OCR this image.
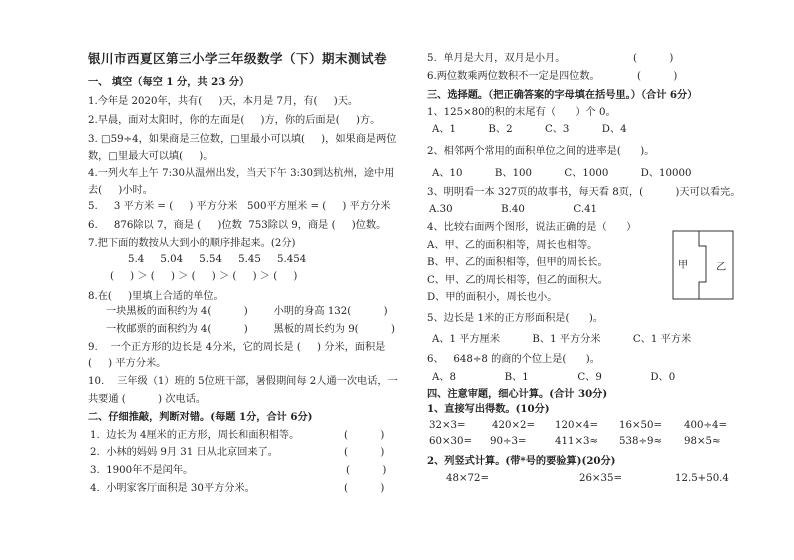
银川市西夏区第三小学三年级数学（下）期末测试卷
一、 填空（每空 1 分，共 23 分）
1.今年是 2020年，共有(     )天，本月是 7月，有(     )天。
2.早晨，面对太阳时，你的左面是(     )方，你的后面是(     )方。
3. □59÷4，如果商是三位数，□里最小可以填(     )，如果商是两位
数，□里最大可以填(     )。
4.一列火车上午 7:30从温州出发，当天下午 3:30到达杭州，途中用
去(     )小时。
5.     3 平方米 = (     ) 平方分米   500平方厘米 = (     ) 平方分米
6.     876除以 7，商是 (     )位数  753除以 9，商是 (     )位数。
7.把下面的数按从大到小的顺序排起来。(2分)
5.4     5.04     5.54     5.45     5.454
(     ) ＞ (     ) ＞ (     ) ＞ (     ) ＞ (     )
8.在(     )里填上合适的单位。
一块黑板的面积约为 4(          )        小明的身高 132(          )
一枚邮票的面积约为 4(          )        黑板的周长约为 9(          )
9.    一个正方形的边长是 4分米，它的周长是 (     ) 分米，面积是
(     ) 平方分米。
10.    三年级（1）班的 5位班干部，暑假期间每 2人通一次电话，一
共要通 (          ) 次电话。
二、仔细推敲，判断对错。(每题 1分，合计 6分)
1.  边长为 4厘米的正方形，周长和面积相等。	(          )
2.  小林的妈妈 9月 31 日从北京回来了。	(          )
3.  1900年不是闰年。	(          )
4.  小明家客厅面积是 30平方分米。	(          )
5.  单月是大月，双月是小月。	(          )
6.两位数乘两位数积不一定是四位数。	(          )
三、选择题。（把正确答案的字母填在括号里。）（合计 6分）
1、125×80的积的末尾有（      ）个 0。
A、1          B、2          C、3          D、4
2、相邻两个常用的面积单位之间的进率是(      )。
A、10          B、100          C、1000          D、10000
3、明明看一本 327页的故事书，每天看 8页，(          )天可以看完。
A.30               B.40               C.41
4、比较右面两个图形，说法正确的是（      ）
A、甲、乙的面积相等，周长也相等。
B、甲、乙的面积相等，但甲的周长长。
C、甲、乙的周长相等，但乙的面积大。
D、甲的面积小，周长也小。
甲	乙
5、边长是 1米的正方形面积是(      )。
A、1 平方厘米          B、1 平方分米          C、1 平方米
6、   648÷8 的商的个位上是(      )。
A、8               B、1               C、9               D、0
四、注意审题，细心计算。(合计 30分)
1、直接写出得数。(10分)
32×3=	420×2= 120×4= 16×50= 400÷4=
60×30= 90÷3=	411×3≈ 538÷9≈ 98×5≈
2、列竖式计算。(带*号的要验算)(20分)
48×72=	26×35=	12.5+50.4
